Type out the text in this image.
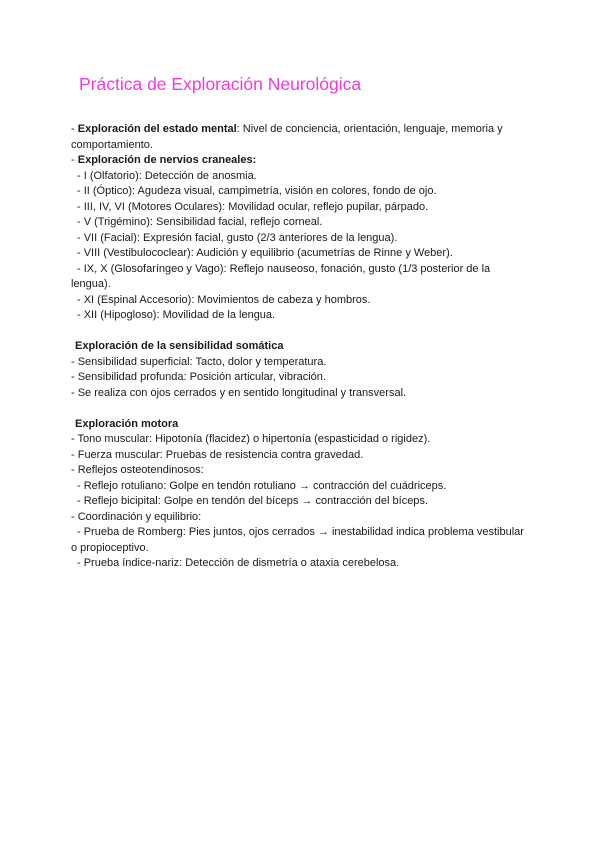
Práctica de Exploración Neurológica
- Exploración del estado mental: Nivel de conciencia, orientación, lenguaje, memoria y comportamiento.
- Exploración de nervios craneales:
- I (Olfatorio): Detección de anosmia.
- II (Óptico): Agudeza visual, campimetría, visión en colores, fondo de ojo.
- III, IV, VI (Motores Oculares): Movilidad ocular, reflejo pupilar, párpado.
- V (Trigémino): Sensibilidad facial, reflejo corneal.
- VII (Facial): Expresión facial, gusto (2/3 anteriores de la lengua).
- VIII (Vestibulococlear): Audición y equilibrio (acumetrías de Rinne y Weber).
- IX, X (Glosofaríngeo y Vago): Reflejo nauseoso, fonación, gusto (1/3 posterior de la lengua).
- XI (Espinal Accesorio): Movimientos de cabeza y hombros.
- XII (Hipogloso): Movilidad de la lengua.
Exploración de la sensibilidad somática
- Sensibilidad superficial: Tacto, dolor y temperatura.
- Sensibilidad profunda: Posición articular, vibración.
- Se realiza con ojos cerrados y en sentido longitudinal y transversal.
Exploración motora
- Tono muscular: Hipotonía (flacidez) o hipertonía (espasticidad o rigidez).
- Fuerza muscular: Pruebas de resistencia contra gravedad.
- Reflejos osteotendinosos:
- Reflejo rotuliano: Golpe en tendón rotuliano → contracción del cuádriceps.
- Reflejo bicipital: Golpe en tendón del bíceps → contracción del bíceps.
- Coordinación y equilibrio:
- Prueba de Romberg: Pies juntos, ojos cerrados → inestabilidad indica problema vestibular o propioceptivo.
- Prueba índice-nariz: Detección de dismetría o ataxia cerebelosa.
